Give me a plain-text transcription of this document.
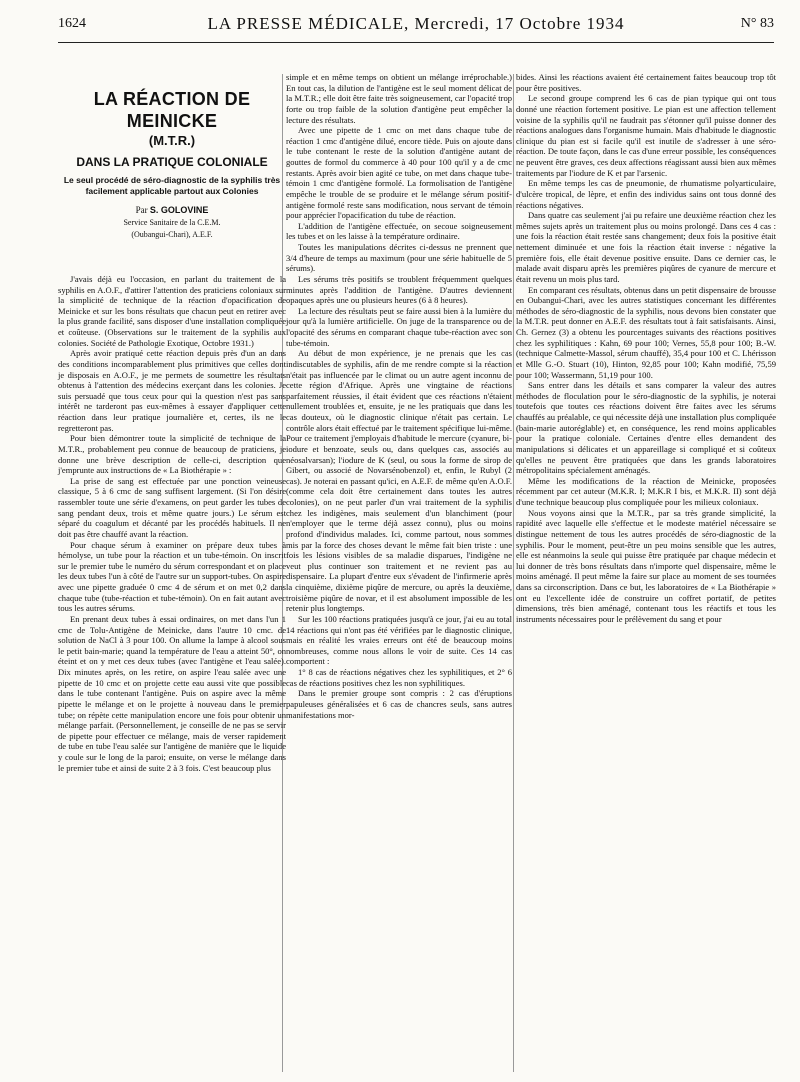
1624	LA PRESSE MÉDICALE, Mercredi, 17 Octobre 1934	N° 83
LA RÉACTION DE MEINICKE
(M.T.R.)
DANS LA PRATIQUE COLONIALE
Le seul procédé de séro-diagnostic de la syphilis très facilement applicable partout aux Colonies
Par S. GOLOVINE
Service Sanitaire de la C.E.M.
(Oubangui-Chari), A.E.F.

J'avais déjà eu l'occasion, en parlant du traitement de la syphilis en A.O.F., d'attirer l'attention des praticiens coloniaux sur la simplicité de technique de la réaction d'opacification de Meinicke et sur les bons résultats que chacun peut en retirer avec la plus grande facilité, sans disposer d'une installation compliquée et coûteuse. (Observations sur le traitement de la syphilis aux colonies. Société de Pathologie Exotique, Octobre 1931.)

Après avoir pratiqué cette réaction depuis près d'un an dans des conditions incomparablement plus primitives que celles dont je disposais en A.O.F., je me permets de soumettre les résultats obtenus à l'attention des médecins exerçant dans les colonies. Je suis persuadé que tous ceux pour qui la question n'est pas sans intérêt ne tarderont pas eux-mêmes à essayer d'appliquer cette réaction dans leur pratique journalière et, certes, ils ne le regretteront pas.

Pour bien démontrer toute la simplicité de technique de la M.T.R., probablement peu connue de beaucoup de praticiens, je donne une brève description de celle-ci, description que j'emprunte aux instructions de « La Biothérapie » :

La prise de sang est effectuée par une ponction veineuse classique, 5 à 6 cmc de sang suffisent largement. (Si l'on désire rassembler toute une série d'examens, on peut garder les tubes de sang pendant deux, trois et même quatre jours.) Le sérum est séparé du coagulum et décanté par les procédés habituels. Il ne doit pas être chauffé avant la réaction.

Pour chaque sérum à examiner on prépare deux tubes à hémolyse, un tube pour la réaction et un tube-témoin. On inscrit sur le premier tube le numéro du sérum correspondant et on place les deux tubes l'un à côté de l'autre sur un support-tubes. On aspire avec une pipette graduée 0 cmc 4 de sérum et on met 0,2 dans chaque tube (tube-réaction et tube-témoin). On en fait autant avec tous les autres sérums.

En prenant deux tubes à essai ordinaires, on met dans l'un 1 cmc de Tolu-Antigène de Meinicke, dans l'autre 10 cmc. de solution de NaCl à 3 pour 100. On allume la lampe à alcool sous le petit bain-marie; quand la température de l'eau a atteint 50°, on éteint et on y met ces deux tubes (avec l'antigène et l'eau salée). Dix minutes après, on les retire, on aspire l'eau salée avec une pipette de 10 cmc et on projette cette eau aussi vite que possible dans le tube contenant l'antigène. Puis on aspire avec la même pipette le mélange et on le projette à nouveau dans le premier tube; on répète cette manipulation encore une fois pour obtenir un mélange parfait. (Personnellement, je conseille de ne pas se servir de pipette pour effectuer ce mélange, mais de verser rapidement de tube en tube l'eau salée sur l'antigène de manière que le liquide y coule sur le long de la paroi; ensuite, on verse le mélange dans le premier tube et ainsi de suite 2 à 3 fois. C'est beaucoup plus

simple et en même temps on obtient un mélange irréprochable.) En tout cas, la dilution de l'antigène est le seul moment délicat de la M.T.R.; elle doit être faite très soigneusement, car l'opacité trop forte ou trop faible de la solution d'antigène peut empêcher la lecture des résultats.

Avec une pipette de 1 cmc on met dans chaque tube de réaction 1 cmc d'antigène dilué, encore tiède. Puis on ajoute dans le tube contenant le reste de la solution d'antigène autant de gouttes de formol du commerce à 40 pour 100 qu'il y a de cmc restants. Après avoir bien agité ce tube, on met dans chaque tube-témoin 1 cmc d'antigène formolé. La formolisation de l'antigène empêche le trouble de se produire et le mélange sérum positif-antigène formolé reste sans modification, nous servant de témoin pour apprécier l'opacification du tube de réaction.

L'addition de l'antigène effectuée, on secoue soigneusement les tubes et on les laisse à la température ordinaire.

Toutes les manipulations décrites ci-dessus ne prennent que 3/4 d'heure de temps au maximum (pour une série habituelle de 5 sérums).

Les sérums très positifs se troublent fréquemment quelques minutes après l'addition de l'antigène. D'autres deviennent opaques après une ou plusieurs heures (6 à 8 heures).

La lecture des résultats peut se faire aussi bien à la lumière du jour qu'à la lumière artificielle. On juge de la transparence ou de l'opacité des sérums en comparant chaque tube-réaction avec son tube-témoin.

Au début de mon expérience, je ne prenais que les cas indiscutables de syphilis, afin de me rendre compte si la réaction n'était pas influencée par le climat ou un autre agent inconnu de cette région d'Afrique. Après une vingtaine de réactions parfaitement réussies, il était évident que ces réactions n'étaient nullement troublées et, ensuite, je ne les pratiquais que dans les cas douteux, où le diagnostic clinique n'était pas certain. Le contrôle alors était effectué par le traitement spécifique lui-même. Pour ce traitement j'employais d'habitude le mercure (cyanure, bi-iodure et benzoate, seuls ou, dans quelques cas, associés au néosalvarsan); l'iodure de K (seul, ou sous la forme de sirop de Gibert, ou associé de Novarsénobenzol) et, enfin, le Rubyl (2 cas). Je noterai en passant qu'ici, en A.E.F. de même qu'en A.O.F. (comme cela doit être certainement dans toutes les autres colonies), on ne peut parler d'un vrai traitement de la syphilis chez les indigènes, mais seulement d'un blanchiment (pour n'employer que le terme déjà assez connu), plus ou moins profond d'individus malades. Ici, comme partout, nous sommes mis par la force des choses devant le même fait bien triste : une fois les lésions visibles de sa maladie disparues, l'indigène ne veut plus continuer son traitement et ne revient pas au dispensaire. La plupart d'entre eux s'évadent de l'infirmerie après la cinquième, dixième piqûre de mercure, ou après la deuxième, troisième piqûre de novar, et il est absolument impossible de les retenir plus longtemps.

Sur les 100 réactions pratiquées jusqu'à ce jour, j'ai eu au total 14 réactions qui n'ont pas été vérifiées par le diagnostic clinique, mais en réalité les vraies erreurs ont été de beaucoup moins nombreuses, comme nous allons le voir de suite. Ces 14 cas comportent :

1° 8 cas de réactions négatives chez les syphilitiques, et 2° 6 cas de réactions positives chez les non syphilitiques.

Dans le premier groupe sont compris : 2 cas d'éruptions papuleuses généralisées et 6 cas de chancres seuls, sans autres manifestations mor-

bides. Ainsi les réactions avaient été certainement faites beaucoup trop tôt pour être positives.

Le second groupe comprend les 6 cas de pian typique qui ont tous donné une réaction fortement positive. Le pian est une affection tellement voisine de la syphilis qu'il ne faudrait pas s'étonner qu'il puisse donner des réactions analogues dans l'organisme humain. Mais d'habitude le diagnostic clinique du pian est si facile qu'il est inutile de s'adresser à une séro-réaction. De toute façon, dans le cas d'une erreur possible, les conséquences ne peuvent être graves, ces deux affections réagissant aussi bien aux mêmes traitements par l'iodure de K et par l'arsenic.

En même temps les cas de pneumonie, de rhumatisme polyarticulaire, d'ulcère tropical, de lèpre, et enfin des individus sains ont tous donné des réactions négatives.

Dans quatre cas seulement j'ai pu refaire une deuxième réaction chez les mêmes sujets après un traitement plus ou moins prolongé. Dans ces 4 cas : une fois la réaction était restée sans changement; deux fois la positive était nettement diminuée et une fois la réaction était inverse : négative la première fois, elle était devenue positive ensuite. Dans ce dernier cas, le malade avait disparu après les premières piqûres de cyanure de mercure et était revenu un mois plus tard.

En comparant ces résultats, obtenus dans un petit dispensaire de brousse en Oubangui-Chari, avec les autres statistiques concernant les différentes méthodes de séro-diagnostic de la syphilis, nous devons bien constater que la M.T.R. peut donner en A.E.F. des résultats tout à fait satisfaisants. Ainsi, Ch. Gernez (3) a obtenu les pourcentages suivants des réactions positives chez les syphilitiques : Kahn, 69 pour 100; Vernes, 55,8 pour 100; B.-W. (technique Calmette-Massol, sérum chauffé), 35,4 pour 100 et C. Lhérisson et Mlle G.-O. Stuart (10), Hinton, 92,85 pour 100; Kahn modifié, 75,59 pour 100; Wassermann, 51,19 pour 100.

Sans entrer dans les détails et sans comparer la valeur des autres méthodes de floculation pour le séro-diagnostic de la syphilis, je noterai toutefois que toutes ces réactions doivent être faites avec les sérums chauffés au préalable, ce qui nécessite déjà une installation plus compliquée (bain-marie autoréglable) et, en conséquence, les rend moins applicables pour la pratique coloniale. Certaines d'entre elles demandent des manipulations si délicates et un appareillage si compliqué et si coûteux qu'elles ne peuvent être pratiquées que dans les grands laboratoires métropolitains spécialement aménagés.

Même les modifications de la réaction de Meinicke, proposées récemment par cet auteur (M.K.R. I; M.K.R I bis, et M.K.R. II) sont déjà d'une technique beaucoup plus compliquée pour les milieux coloniaux.

Nous voyons ainsi que la M.T.R., par sa très grande simplicité, la rapidité avec laquelle elle s'effectue et le modeste matériel nécessaire se distingue nettement de tous les autres procédés de séro-diagnostic de la syphilis. Pour le moment, peut-être un peu moins sensible que les autres, elle est néanmoins la seule qui puisse être pratiquée par chaque médecin et lui donner de très bons résultats dans n'importe quel dispensaire, même le moins aménagé. Il peut même la faire sur place au moment de ses tournées dans sa circonscription. Dans ce but, les laboratoires de « La Biothérapie » ont eu l'excellente idée de construire un coffret portatif, de petites dimensions, très bien aménagé, contenant tous les réactifs et tous les instruments nécessaires pour le prélèvement du sang et pour
